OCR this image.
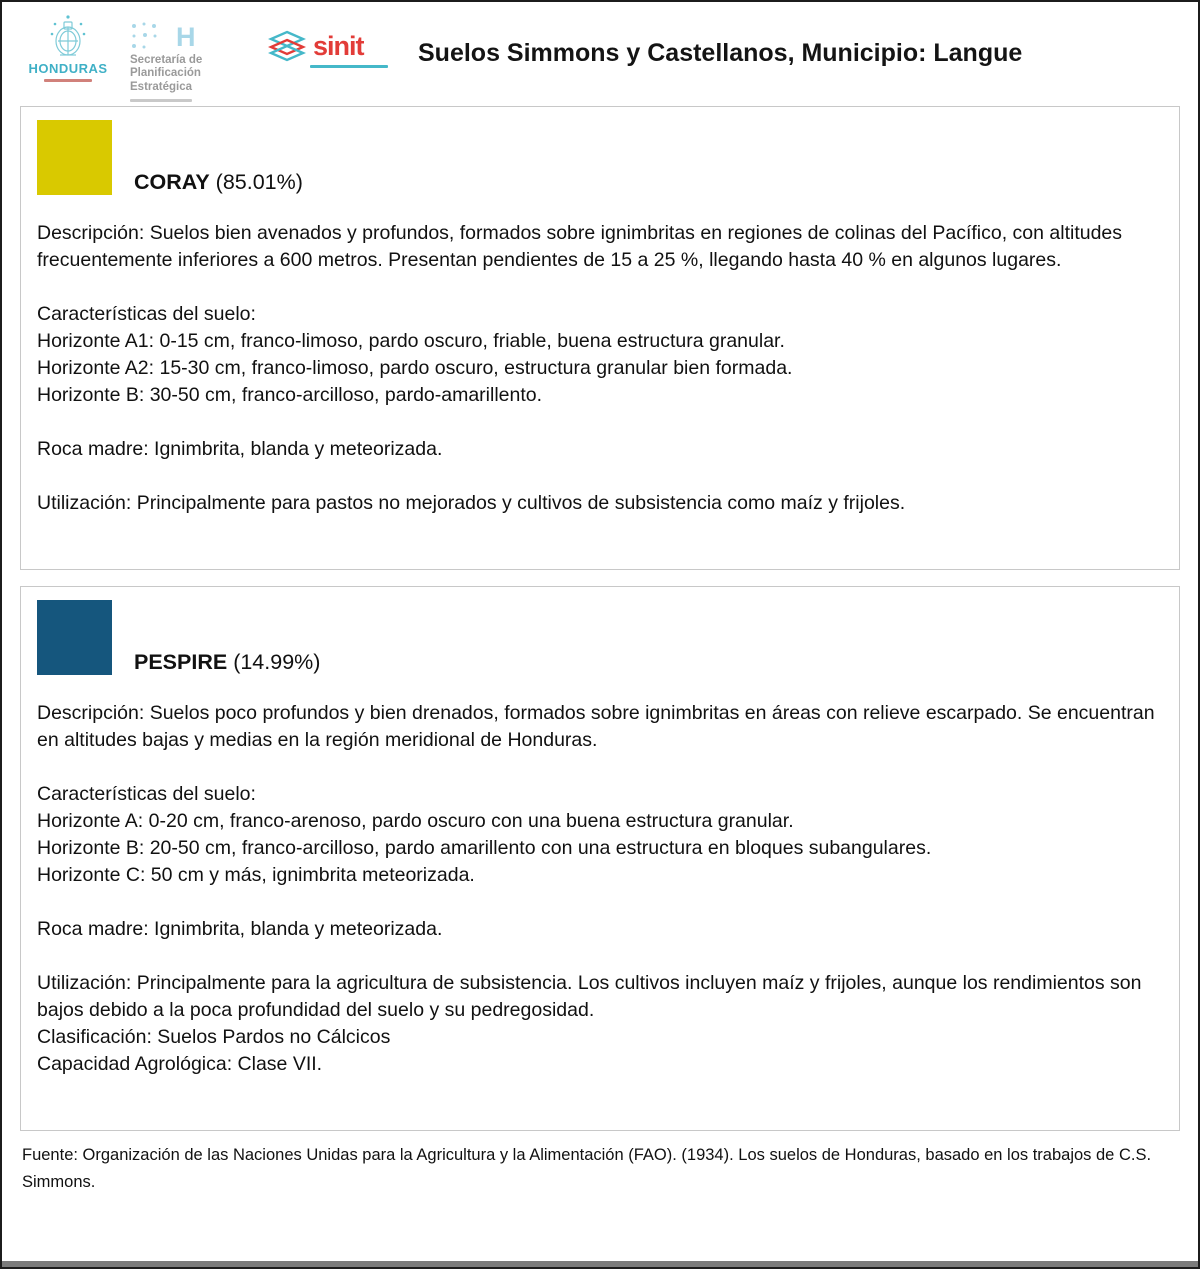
HONDURAS
H
Secretaría de
Planificación
Estratégica
sinit Suelos Simmons y Castellanos, Municipio: Langue
CORAY (85.01%)
Descripción: Suelos bien avenados y profundos, formados sobre ignimbritas en regiones de colinas del Pacífico, con altitudes frecuentemente inferiores a 600 metros. Presentan pendientes de 15 a 25 %, llegando hasta 40 % en algunos lugares.
Características del suelo:
Horizonte A1: 0-15 cm, franco-limoso, pardo oscuro, friable, buena estructura granular.
Horizonte A2: 15-30 cm, franco-limoso, pardo oscuro, estructura granular bien formada.
Horizonte B: 30-50 cm, franco-arcilloso, pardo-amarillento.
Roca madre: Ignimbrita, blanda y meteorizada.
Utilización: Principalmente para pastos no mejorados y cultivos de subsistencia como maíz y frijoles.
PESPIRE (14.99%)
Descripción: Suelos poco profundos y bien drenados, formados sobre ignimbritas en áreas con relieve escarpado. Se encuentran en altitudes bajas y medias en la región meridional de Honduras.
Características del suelo:
Horizonte A: 0-20 cm, franco-arenoso, pardo oscuro con una buena estructura granular.
Horizonte B: 20-50 cm, franco-arcilloso, pardo amarillento con una estructura en bloques subangulares.
Horizonte C: 50 cm y más, ignimbrita meteorizada.
Roca madre: Ignimbrita, blanda y meteorizada.
Utilización: Principalmente para la agricultura de subsistencia. Los cultivos incluyen maíz y frijoles, aunque los rendimientos son bajos debido a la poca profundidad del suelo y su pedregosidad.
Clasificación: Suelos Pardos no Cálcicos
Capacidad Agrológica: Clase VII.
Fuente: Organización de las Naciones Unidas para la Agricultura y la Alimentación (FAO). (1934). Los suelos de Honduras, basado en los trabajos de C.S. Simmons.
